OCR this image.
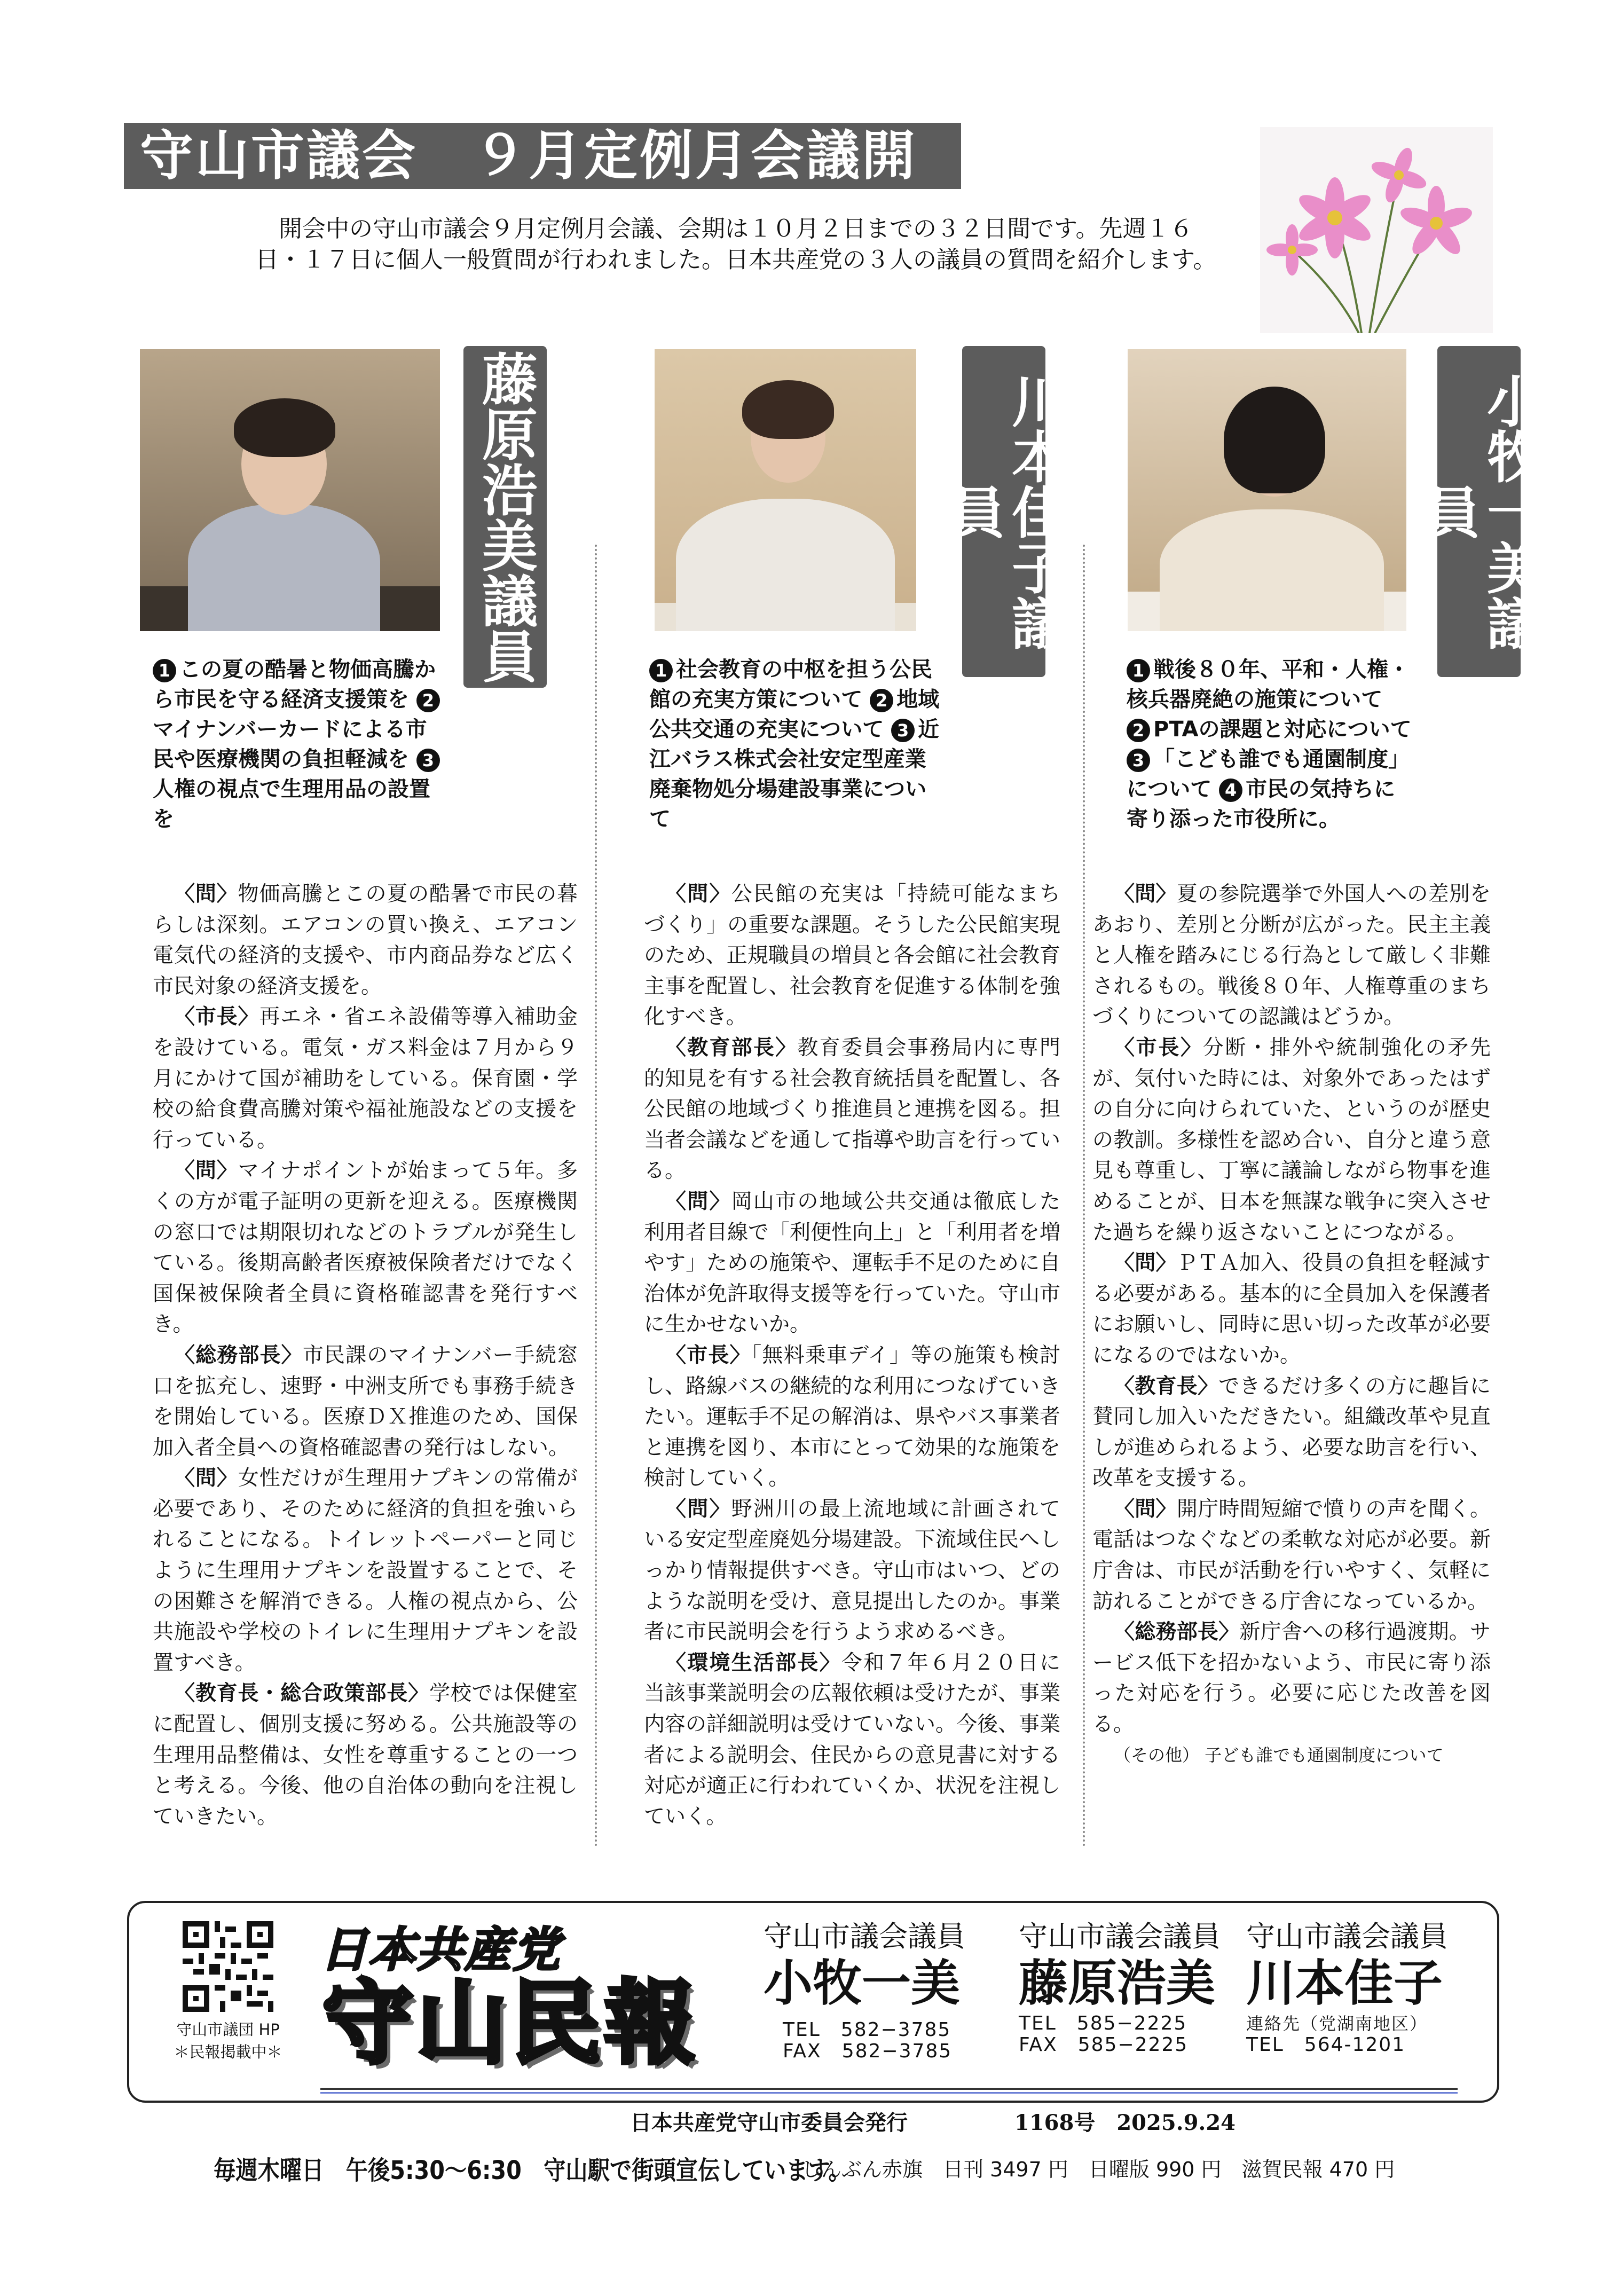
守山市議会　９月定例月会議開会中	開会中の守山市議会９月定例月会議、会期は１０月２日までの３２日間です。先週１６日・１７日に個人一般質問が行われました。日本共産党の３人の議員の質問を紹介します。
藤原浩美議員
1 この夏の酷暑と物価高騰から市民を守る経済支援策を 2マイナンバーカードによる市民や医療機関の負担軽減を 3人権の視点で生理用品の設置を

〈問〉物価高騰とこの夏の酷暑で市民の暮らしは深刻。エアコンの買い換え、エアコン電気代の経済的支援や、市内商品券など広く市民対象の経済支援を。

〈市長〉再エネ・省エネ設備等導入補助金を設けている。電気・ガス料金は７月から９月にかけて国が補助をしている。保育園・学校の給食費高騰対策や福祉施設などの支援を行っている。

〈問〉マイナポイントが始まって５年。多くの方が電子証明の更新を迎える。医療機関の窓口では期限切れなどのトラブルが発生している。後期高齢者医療被保険者だけでなく国保被保険者全員に資格確認書を発行すべき。

〈総務部長〉市民課のマイナンバー手続窓口を拡充し、速野・中洲支所でも事務手続きを開始している。医療ＤＸ推進のため、国保加入者全員への資格確認書の発行はしない。

〈問〉女性だけが生理用ナプキンの常備が必要であり、そのために経済的負担を強いられることになる。トイレットペーパーと同じように生理用ナプキンを設置することで、その困難さを解消できる。人権の視点から、公共施設や学校のトイレに生理用ナプキンを設置すべき。

〈教育長・総合政策部長〉学校では保健室に配置し、個別支援に努める。公共施設等の生理用品整備は、女性を尊重することの一つと考える。今後、他の自治体の動向を注視していきたい。

川本佳子議員
1 社会教育の中枢を担う公民館の充実方策について 2 地域公共交通の充実について 3 近江バラス株式会社安定型産業廃棄物処分場建設事業について

〈問〉公民館の充実は「持続可能なまちづくり」の重要な課題。そうした公民館実現のため、正規職員の増員と各会館に社会教育主事を配置し、社会教育を促進する体制を強化すべき。

〈教育部長〉教育委員会事務局内に専門的知見を有する社会教育統括員を配置し、各公民館の地域づくり推進員と連携を図る。担当者会議などを通して指導や助言を行っている。

〈問〉岡山市の地域公共交通は徹底した利用者目線で「利便性向上」と「利用者を増やす」ための施策や、運転手不足のために自治体が免許取得支援等を行っていた。守山市に生かせないか。

〈市長〉「無料乗車デイ」等の施策も検討し、路線バスの継続的な利用につなげていきたい。運転手不足の解消は、県やバス事業者と連携を図り、本市にとって効果的な施策を検討していく。

〈問〉野洲川の最上流地域に計画されている安定型産廃処分場建設。下流域住民へしっかり情報提供すべき。守山市はいつ、どのような説明を受け、意見提出したのか。事業者に市民説明会を行うよう求めるべき。

〈環境生活部長〉令和７年６月２０日に当該事業説明会の広報依頼は受けたが、事業内容の詳細説明は受けていない。今後、事業者による説明会、住民からの意見書に対する対応が適正に行われていくか、状況を注視していく。

小牧一美議員
1 戦後８０年、平和・人権・核兵器廃絶の施策について 2 PTAの課題と対応について 3 「こども誰でも通園制度」について 4 市民の気持ちに寄り添った市役所に。

〈問〉夏の参院選挙で外国人への差別をあおり、差別と分断が広がった。民主主義と人権を踏みにじる行為として厳しく非難されるもの。戦後８０年、人権尊重のまちづくりについての認識はどうか。

〈市長〉分断・排外や統制強化の矛先が、気付いた時には、対象外であったはずの自分に向けられていた、というのが歴史の教訓。多様性を認め合い、自分と違う意見も尊重し、丁寧に議論しながら物事を進めることが、日本を無謀な戦争に突入させた過ちを繰り返さないことにつながる。

〈問〉ＰＴＡ加入、役員の負担を軽減する必要がある。基本的に全員加入を保護者にお願いし、同時に思い切った改革が必要になるのではないか。

〈教育長〉できるだけ多くの方に趣旨に賛同し加入いただきたい。組織改革や見直しが進められるよう、必要な助言を行い、改革を支援する。

〈問〉開庁時間短縮で憤りの声を聞く。電話はつなぐなどの柔軟な対応が必要。新庁舎は、市民が活動を行いやすく、気軽に訪れることができる庁舎になっているか。

〈総務部長〉新庁舎への移行過渡期。サービス低下を招かないよう、市民に寄り添った対応を行う。必要に応じた改善を図る。

（その他） 子ども誰でも通園制度について

守山市議団 HP
＊民報掲載中＊
日本共産党
守山民報
守山市議会議員
小牧一美
TEL　582−3785
FAX　582−3785
守山市議会議員
藤原浩美
TEL　585−2225
FAX　585−2225
守山市議会議員
川本佳子
連絡先（党湖南地区）
TEL　564-1201
日本共産党守山市委員会発行	1168号　2025.9.24
毎週木曜日　午後5:30〜6:30　守山駅で街頭宣伝しています。
しんぶん赤旗　日刊 3497 円　日曜版 990 円　滋賀民報 470 円
